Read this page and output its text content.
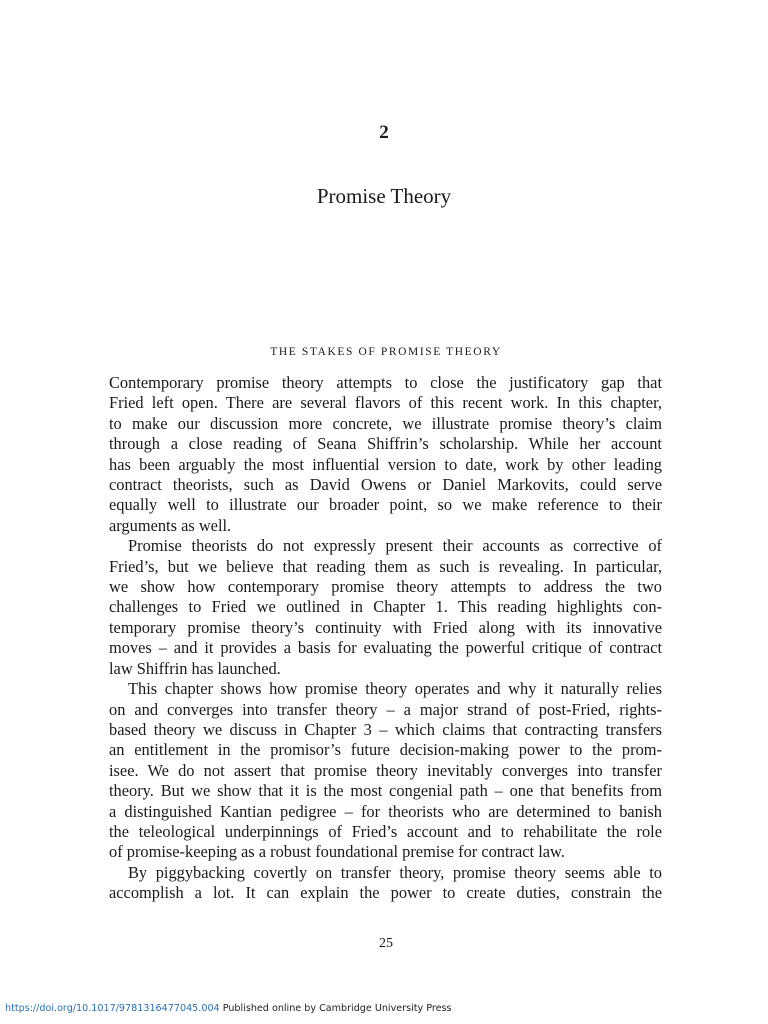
2
Promise Theory
THE STAKES OF PROMISE THEORY

Contemporary promise theory attempts to close the justificatory gap that
Fried left open. There are several flavors of this recent work. In this chapter,
to make our discussion more concrete, we illustrate promise theory’s claim
through a close reading of Seana Shiffrin’s scholarship. While her account
has been arguably the most influential version to date, work by other leading
contract theorists, such as David Owens or Daniel Markovits, could serve
equally well to illustrate our broader point, so we make reference to their
arguments as well.

Promise theorists do not expressly present their accounts as corrective of
Fried’s, but we believe that reading them as such is revealing. In particular,
we show how contemporary promise theory attempts to address the two
challenges to Fried we outlined in Chapter 1. This reading highlights con-
temporary promise theory’s continuity with Fried along with its innovative
moves – and it provides a basis for evaluating the powerful critique of contract
law Shiffrin has launched.

This chapter shows how promise theory operates and why it naturally relies
on and converges into transfer theory – a major strand of post-Fried, rights-
based theory we discuss in Chapter 3 – which claims that contracting transfers
an entitlement in the promisor’s future decision-making power to the prom-
isee. We do not assert that promise theory inevitably converges into transfer
theory. But we show that it is the most congenial path – one that benefits from
a distinguished Kantian pedigree – for theorists who are determined to banish
the teleological underpinnings of Fried’s account and to rehabilitate the role
of promise-keeping as a robust foundational premise for contract law.

By piggybacking covertly on transfer theory, promise theory seems able to
accomplish a lot. It can explain the power to create duties, constrain the

25
https://doi.org/10.1017/9781316477045.004 Published online by Cambridge University Press
